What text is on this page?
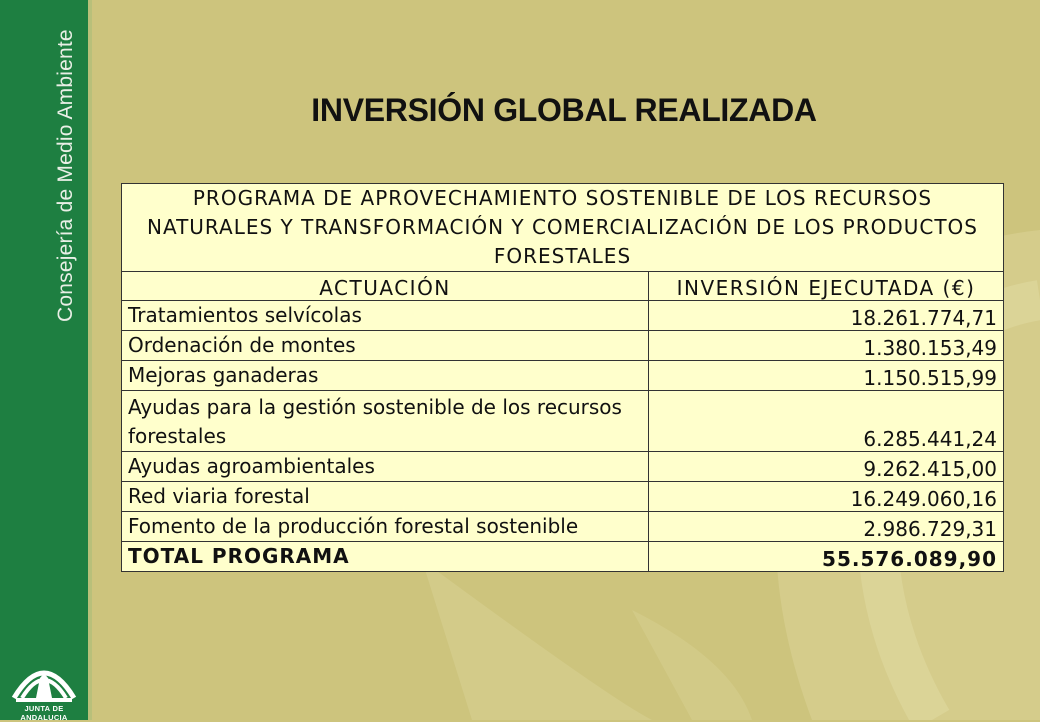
Consejería de Medio Ambiente
JUNTA DE ANDALUCIA
INVERSIÓN GLOBAL REALIZADA
PROGRAMA DE APROVECHAMIENTO SOSTENIBLE DE LOS RECURSOS NATURALES Y TRANSFORMACIÓN Y COMERCIALIZACIÓN DE LOS PRODUCTOS FORESTALES	
ACTUACIÓN	INVERSIÓN EJECUTADA (€)
Tratamientos selvícolas	18.261.774,71
Ordenación de montes	1.380.153,49
Mejoras ganaderas	1.150.515,99
Ayudas para la gestión sostenible de los recursos forestales	6.285.441,24
Ayudas agroambientales	9.262.415,00
Red viaria forestal	16.249.060,16
Fomento de la producción forestal sostenible	2.986.729,31
TOTAL PROGRAMA	55.576.089,90
